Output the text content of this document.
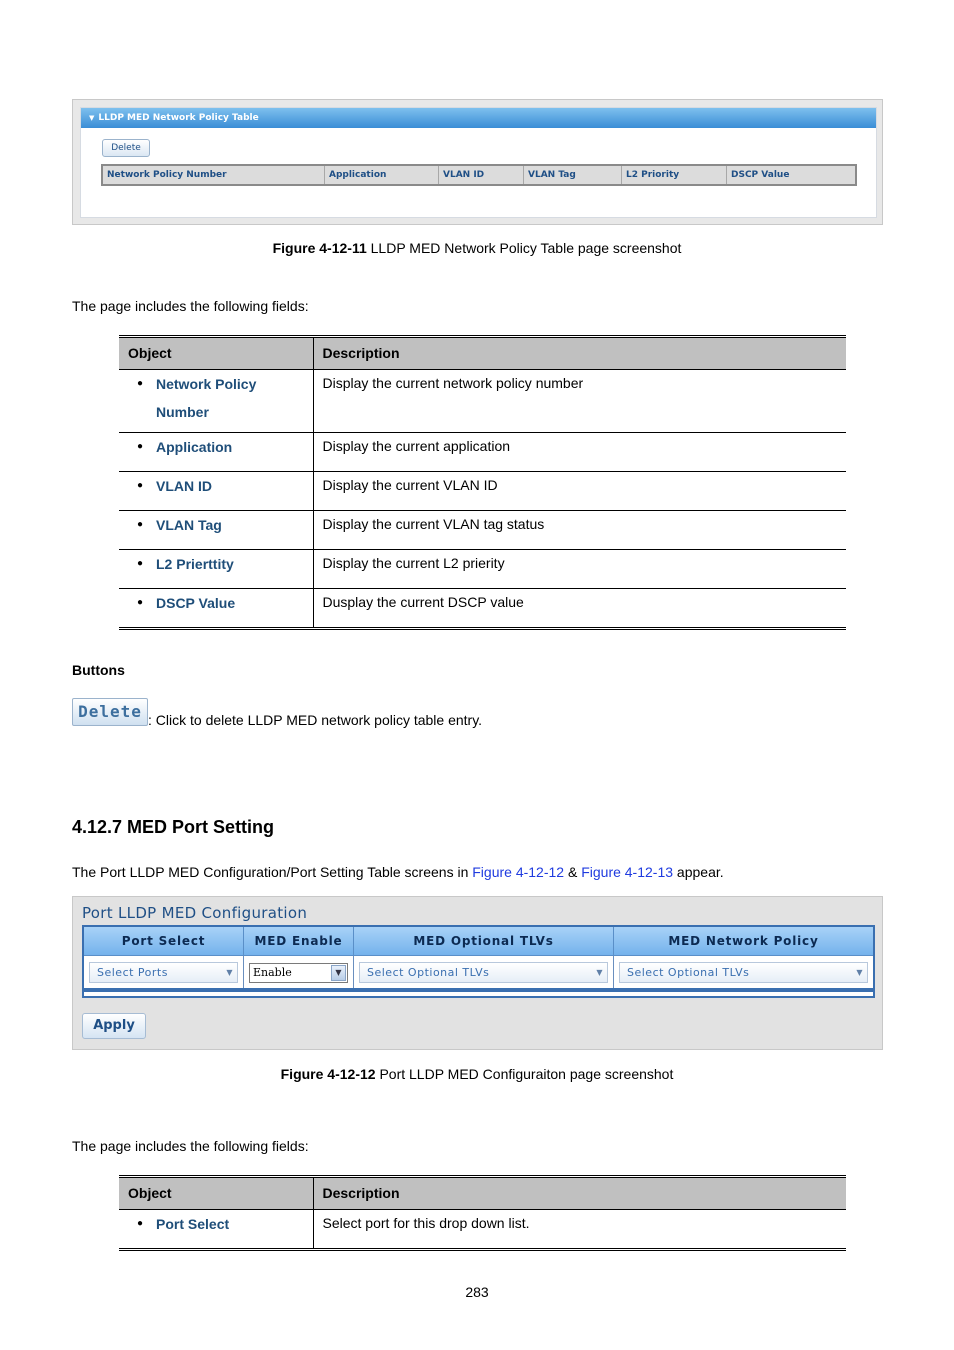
▼ LLDP MED Network Policy Table
Delete
Network Policy Number	Application	VLAN ID	VLAN Tag	L2 Priority	DSCP Value
Figure 4-12-11 LLDP MED Network Policy Table page screenshot
The page includes the following fields:
Object	Description

● Network Policy
Number	Display the current network policy number

● Application	Display the current application

● VLAN ID	Display the current VLAN ID

● VLAN Tag	Display the current VLAN tag status

● L2 Prierttity	Display the current L2 prierity

● DSCP Value	Dusplay the current DSCP value
Buttons
Delete : Click to delete LLDP MED network policy table entry.
4.12.7 MED Port Setting
The Port LLDP MED Configuration/Port Setting Table screens in Figure 4-12-12 & Figure 4-12-13 appear.
Port LLDP MED Configuration
Port Select	MED Enable	MED Optional TLVs	MED Network Policy
Select Ports	▼	Enable	▼	Select Optional TLVs	▼	Select Optional TLVs	▼
Apply
Figure 4-12-12 Port LLDP MED Configuraiton page screenshot
The page includes the following fields:
Object	Description

● Port Select	Select port for this drop down list.
283
